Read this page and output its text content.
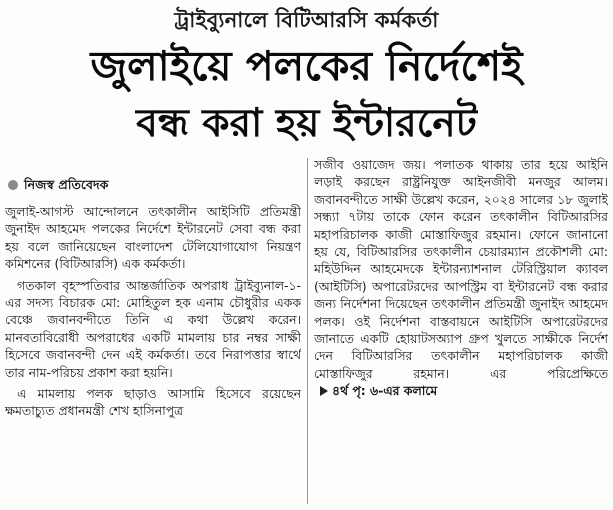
ট্রাইব্যুনালে বিটিআরসি কর্মকর্তা
জুলাইয়ে পলকের নির্দেশেই
বন্ধ করা হয় ইন্টারনেট
নিজস্ব প্রতিবেদক

জুলাই-আগস্ট আন্দোলনে তৎকালীন আইসিটি প্রতিমন্ত্রী জুনাইদ আহমেদ পলকের নির্দেশে ইন্টারনেট সেবা বন্ধ করা হয় বলে জানিয়েছেন বাংলাদেশ টেলিযোগাযোগ নিয়ন্ত্রণ কমিশনের (বিটিআরসি) এক কর্মকর্তা।

গতকাল বৃহস্পতিবার আন্তর্জাতিক অপরাধ ট্রাইব্যুনাল-১-এর সদস্য বিচারক মো: মোহিতুল হক এনাম চৌধুরীর একক বেঞ্চে জবানবন্দীতে তিনি এ কথা উল্লেখ করেন। মানবতাবিরোধী অপরাধের একটি মামলায় চার নম্বর সাক্ষী হিসেবে জবানবন্দী দেন এই কর্মকর্তা। তবে নিরাপত্তার স্বার্থে তার নাম-পরিচয় প্রকাশ করা হয়নি।

এ মামলায় পলক ছাড়াও আসামি হিসেবে রয়েছেন ক্ষমতাচ্যুত প্রধানমন্ত্রী শেখ হাসিনাপুত্র

সজীব ওয়াজেদ জয়। পলাতক থাকায় তার হয়ে আইনি লড়াই করছেন রাষ্ট্রনিযুক্ত আইনজীবী মনজুর আলম। জবানবন্দীতে সাক্ষী উল্লেখ করেন, ২০২৪ সালের ১৮ জুলাই সন্ধ্যা ৭টায় তাকে ফোন করেন তৎকালীন বিটিআরসির মহাপরিচালক কাজী মোস্তাফিজুর রহমান। ফোনে জানানো হয় যে, বিটিআরসির তৎকালীন চেয়ারম্যান প্রকৌশলী মো: মহিউদ্দিন আহমেদকে ইন্টারন্যাশনাল টেরিস্ট্রিয়াল ক্যাবল (আইটিসি) অপারেটরদের আপস্ট্রিম বা ইন্টারনেট বন্ধ করার জন্য নির্দেশনা দিয়েছেন তৎকালীন প্রতিমন্ত্রী জুনাইদ আহমেদ পলক। ওই নির্দেশনা বাস্তবায়নে আইটিসি অপারেটরদের জানাতে একটি হোয়াটসঅ্যাপ গ্রুপ খুলতে সাক্ষীকে নির্দেশ দেন বিটিআরসির তৎকালীন মহাপরিচালক কাজী মোস্তাফিজুর রহমান। এর পরিপ্রেক্ষিতে৪র্থ পৃ: ৬-এর কলামে
